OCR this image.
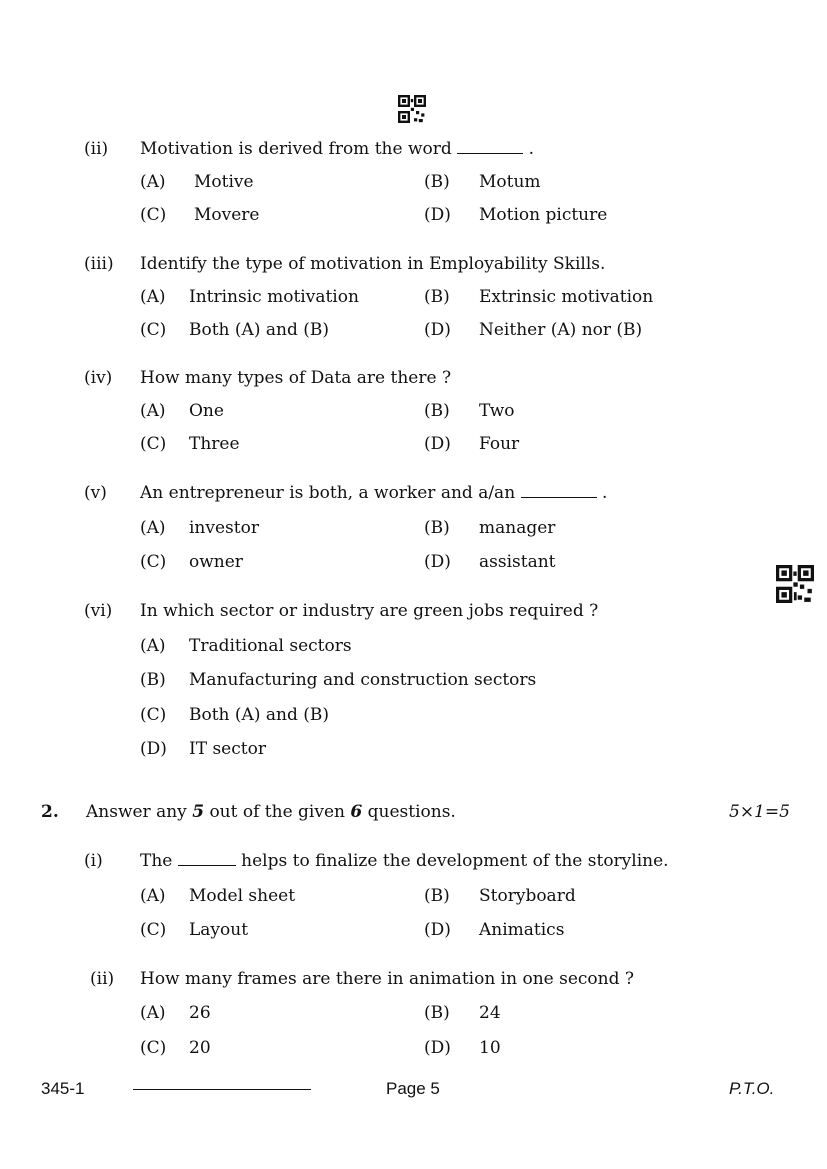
(ii) Motivation is derived from the word	.
(A) Motive	(B) Motum
(C) Movere	(D) Motion picture
(iii) Identify the type of motivation in Employability Skills.
(A) Intrinsic motivation	(B) Extrinsic motivation
(C) Both (A) and (B)	(D) Neither (A) nor (B)
(iv) How many types of Data are there ?
(A) One	(B) Two
(C) Three	(D) Four
(v) An entrepreneur is both, a worker and a/an	.
(A) investor	(B) manager
(C) owner	(D) assistant
(vi) In which sector or industry are green jobs required ?
(A) Traditional sectors
(B) Manufacturing and construction sectors
(C) Both (A) and (B)
(D) IT sector
2. Answer any 5 out of the given 6 questions.	5×1=5
(i) The	helps to finalize the development of the storyline.
(A) Model sheet	(B) Storyboard
(C) Layout	(D) Animatics
(ii) How many frames are there in animation in one second ?
(A) 26	(B) 24
(C) 20	(D) 10
345-1	Page 5	P.T.O.
